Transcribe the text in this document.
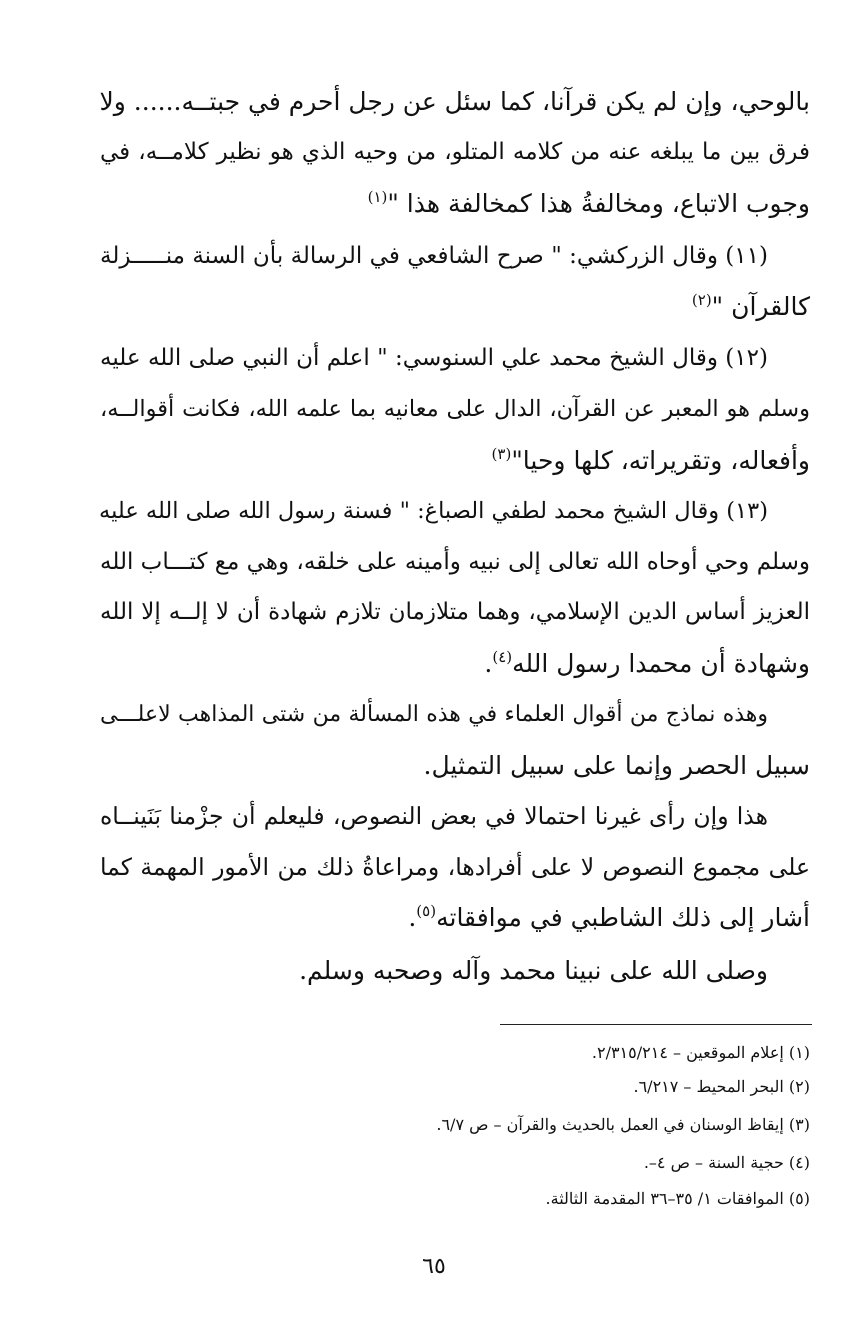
بالوحي، وإن لم يكن قرآنا، كما سئل عن رجل أحرم في جبتــه...... ولا
فرق بين ما يبلغه عنه من كلامه المتلو، من وحيه الذي هو نظير كلامــه، في
وجوب الاتباع، ومخالفةُ هذا كمخالفة هذا "$^{(١)}$
(١١) وقال الزركشي: " صرح الشافعي في الرسالة بأن السنة منـــــزلة
كالقرآن "$^{(٢)}$
(١٢) وقال الشيخ محمد علي السنوسي: " اعلم أن النبي صلى الله عليه
وسلم هو المعبر عن القرآن، الدال على معانيه بما علمه الله، فكانت أقوالــه،
وأفعاله، وتقريراته، كلها وحيا"$^{(٣)}$
(١٣) وقال الشيخ محمد لطفي الصباغ: " فسنة رسول الله صلى الله عليه
وسلم وحي أوحاه الله تعالى إلى نبيه وأمينه على خلقه، وهي مع كتـــاب الله
العزيز أساس الدين الإسلامي، وهما متلازمان تلازم شهادة أن لا إلــه إلا الله
وشهادة أن محمدا رسول الله$^{(٤)}$.
وهذه نماذج من أقوال العلماء في هذه المسألة من شتى المذاهب لاعلـــى
سبيل الحصر وإنما على سبيل التمثيل.
هذا وإن رأى غيرنا احتمالا في بعض النصوص، فليعلم أن جزْمنا بَنَينــاه
على مجموع النصوص لا على أفرادها، ومراعاةُ ذلك من الأمور المهمة كما
أشار إلى ذلك الشاطبي في موافقاته$^{(٥)}$.
وصلى الله على نبينا محمد وآله وصحبه وسلم.
(١) إعلام الموقعين – ٢/٣١٥/٢١٤.
(٢) البحر المحيط – ٦/٢١٧.
(٣) إيقاظ الوسنان في العمل بالحديث والقرآن – ص ٦/٧.
(٤) حجية السنة – ص ٤–.
(٥) الموافقات ١/ ٣٥–٣٦ المقدمة الثالثة.
٦٥
